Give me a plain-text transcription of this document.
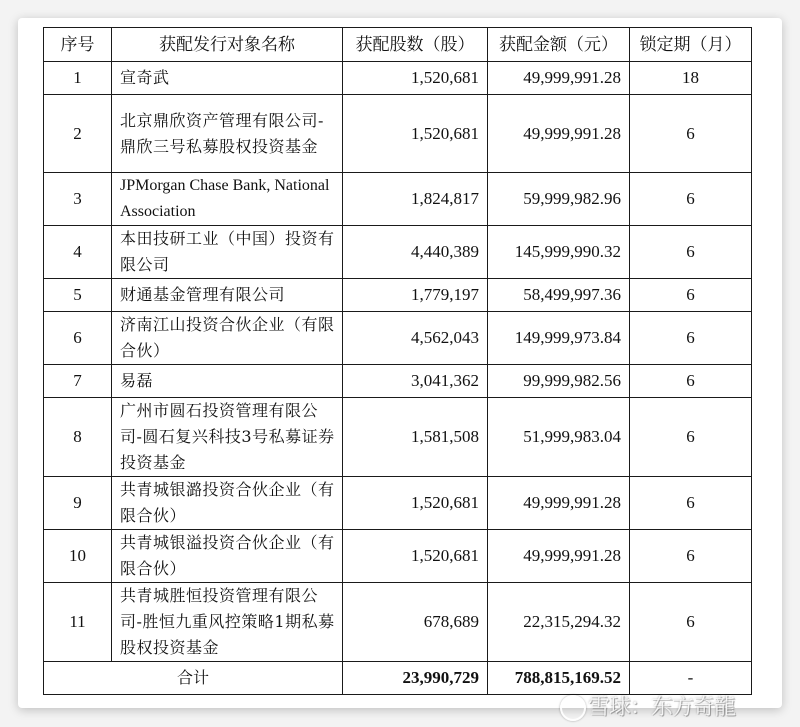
序号	获配发行对象名称	获配股数（股）	获配金额（元）	锁定期（月）
1	宣奇武	1,520,681	49,999,991.28	18
2	北京鼎欣资产管理有限公司-鼎欣三号私募股权投资基金	1,520,681	49,999,991.28	6
3	JPMorgan Chase Bank, National Association	1,824,817	59,999,982.96	6
4	本田技研工业（中国）投资有限公司	4,440,389	145,999,990.32	6
5	财通基金管理有限公司	1,779,197	58,499,997.36	6
6	济南江山投资合伙企业（有限合伙）	4,562,043	149,999,973.84	6
7	易磊	3,041,362	99,999,982.56	6
8	广州市圆石投资管理有限公司-圆石复兴科技3号私募证券投资基金	1,581,508	51,999,983.04	6
9	共青城银潞投资合伙企业（有限合伙）	1,520,681	49,999,991.28	6
10	共青城银溢投资合伙企业（有限合伙）	1,520,681	49,999,991.28	6
11	共青城胜恒投资管理有限公司-胜恒九重风控策略1期私募股权投资基金	678,689	22,315,294.32	6
合计		23,990,729	788,815,169.52	-
雪球：东方奇龍
